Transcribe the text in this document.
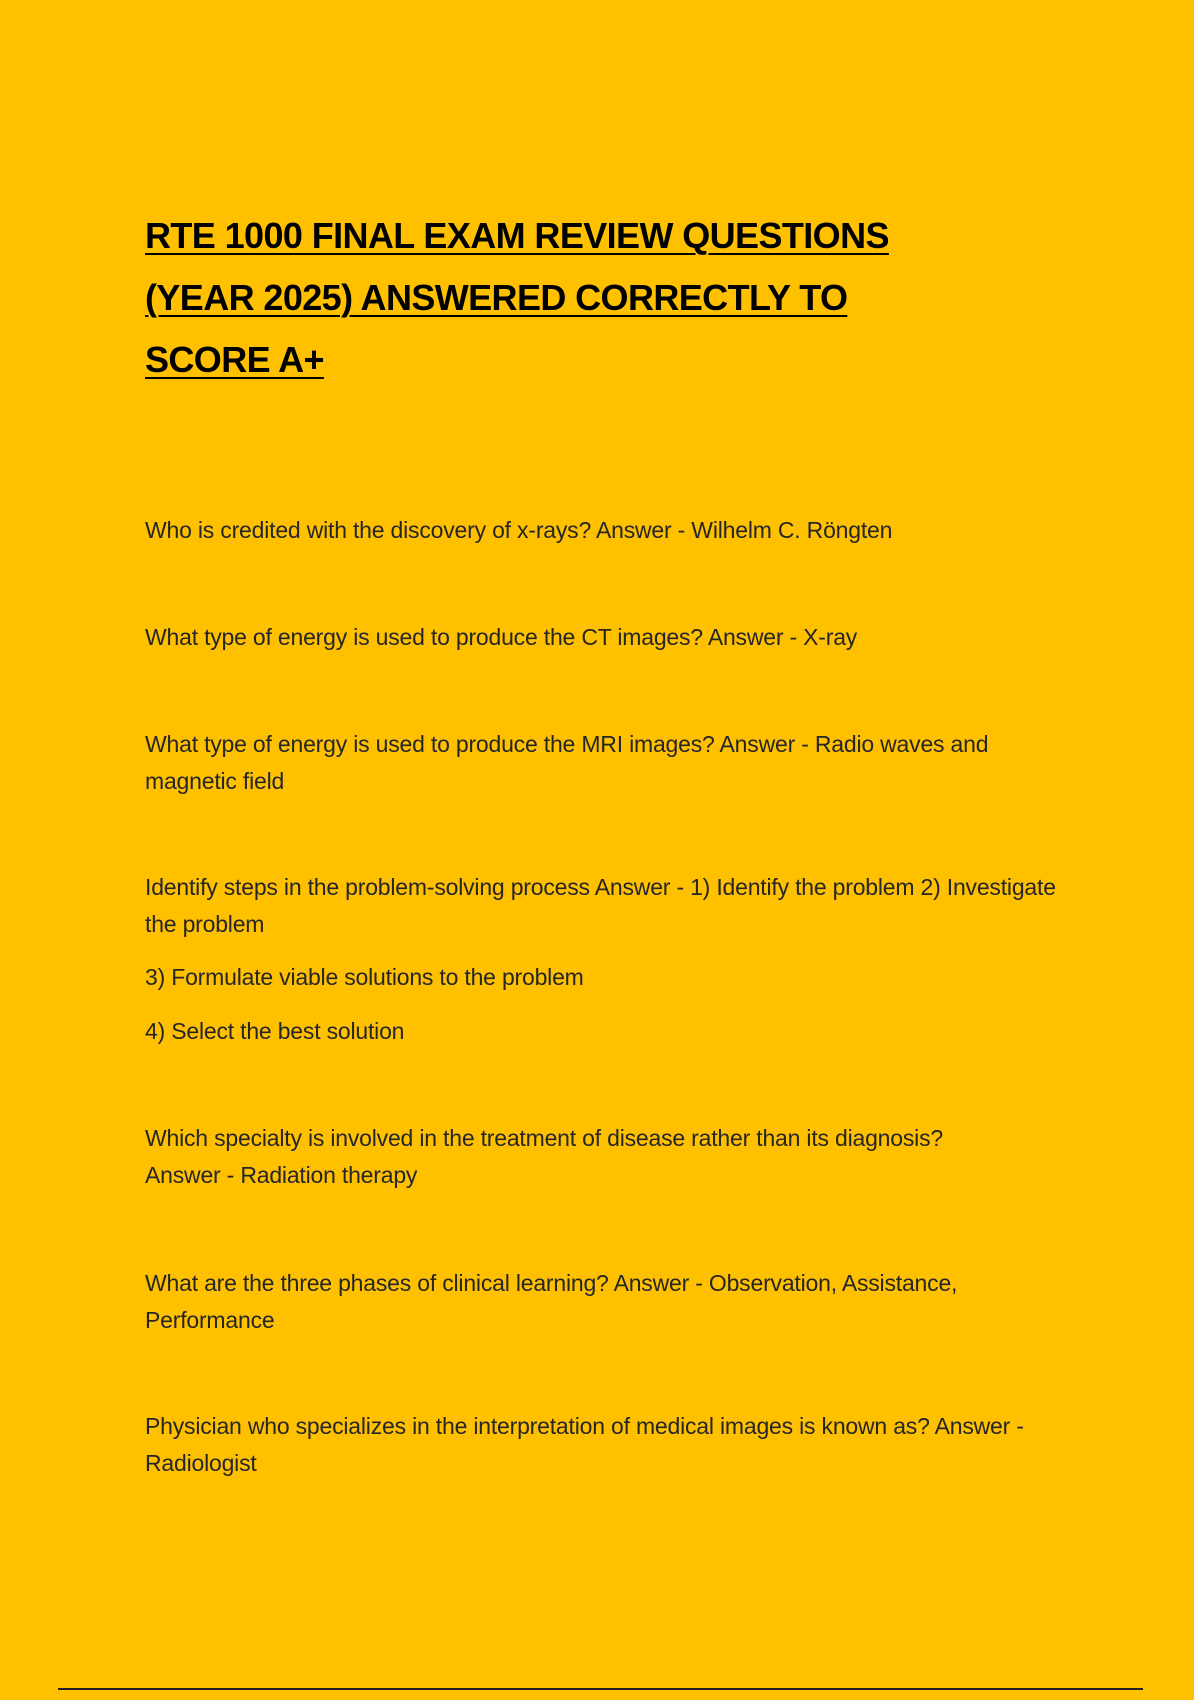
RTE 1000 FINAL EXAM REVIEW QUESTIONS
(YEAR 2025) ANSWERED CORRECTLY TO
SCORE A+

Who is credited with the discovery of x-rays? Answer - Wilhelm C. Röngten

What type of energy is used to produce the CT images? Answer - X-ray

What type of energy is used to produce the MRI images? Answer - Radio waves and magnetic field

Identify steps in the problem-solving process Answer - 1) Identify the problem 2) Investigate the problem

3) Formulate viable solutions to the problem
4) Select the best solution

Which specialty is involved in the treatment of disease rather than its diagnosis? Answer - Radiation therapy

What are the three phases of clinical learning? Answer - Observation, Assistance, Performance

Physician who specializes in the interpretation of medical images is known as? Answer - Radiologist
